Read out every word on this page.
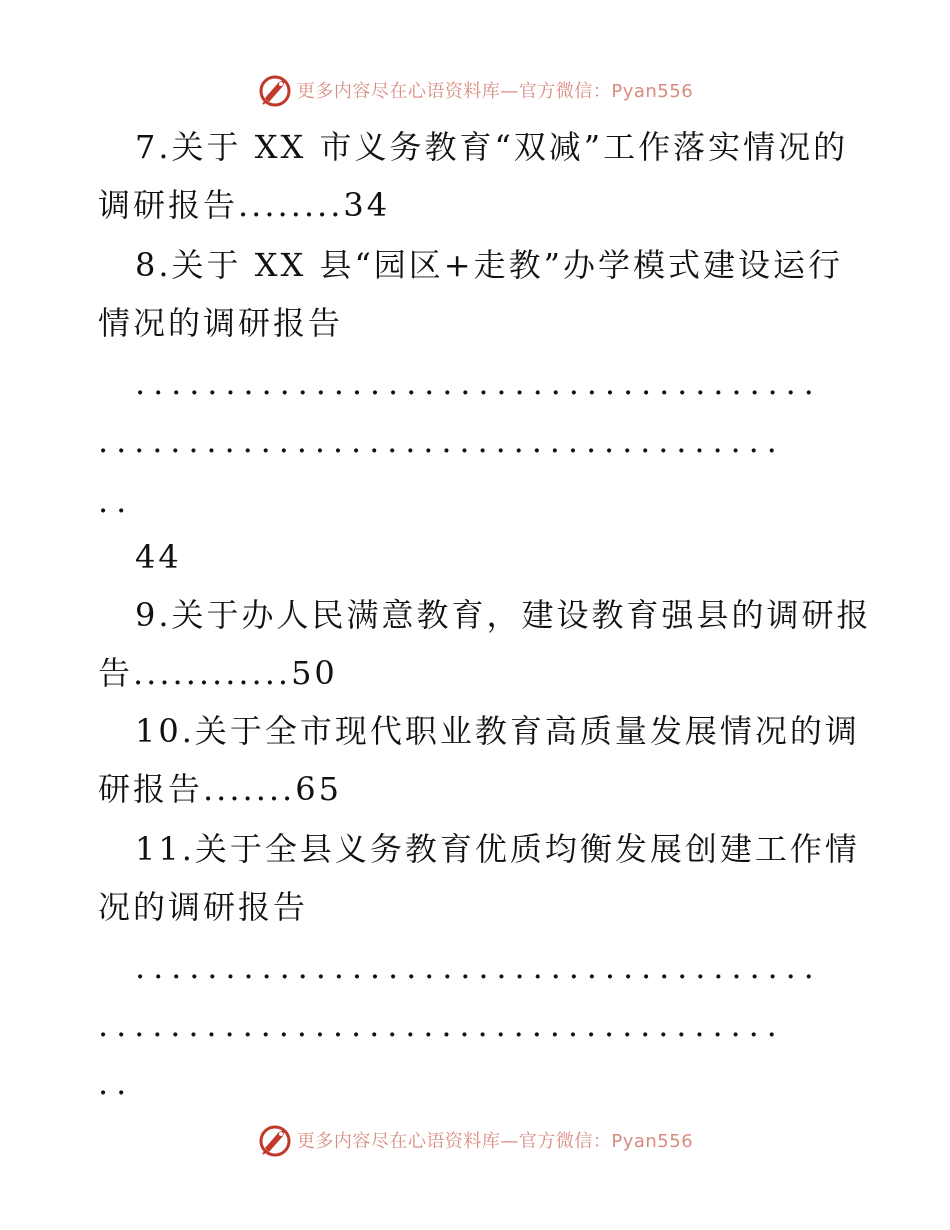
更多内容尽在心语资料库—官方微信：Pyan556
7.关于 XX 市义务教育“双减”工作落实情况的
调研报告........34
8.关于 XX 县“园区+走教”办学模式建设运行
情况的调研报告
......................................
......................................
..
44
9.关于办人民满意教育，建设教育强县的调研报
告............50
10.关于全市现代职业教育高质量发展情况的调
研报告.......65
11.关于全县义务教育优质均衡发展创建工作情
况的调研报告
......................................
......................................
..
更多内容尽在心语资料库—官方微信：Pyan556
